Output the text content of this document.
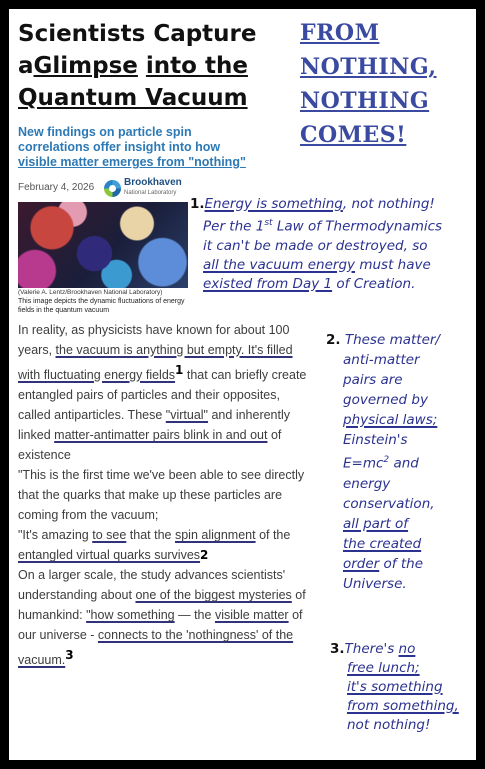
Scientists Capture
aGlimpse into the
Quantum Vacuum
New findings on particle spin
correlations offer insight into how
visible matter emerges from "nothing"
February 4, 2026	Brookhaven
National Laboratory
(Valerie A. Lentz/Brookhaven National Laboratory)
This image depicts the dynamic fluctuations of energy fields in the quantum vacuum

In reality, as physicists have known for about 100 years, the vacuum is anything but empty. It's filled with fluctuating energy fields$^1$ that can briefly create entangled pairs of particles and their opposites, called antiparticles. These "virtual" and inherently linked matter-antimatter pairs blink in and out of existence

"This is the first time we've been able to see directly that the quarks that make up these particles are coming from the vacuum;

"It's amazing to see that the spin alignment of the entangled virtual quarks survives2

On a larger scale, the study advances scientists' understanding about one of the biggest mysteries of humankind: "how something — the visible matter of our universe - connects to the 'nothingness' of the vacuum.$^3$

FROM
NOTHING,
NOTHING
COMES!
1.Energy is something, not nothing!
Per the 1st Law of Thermodynamics
it can't be made or destroyed, so
all the vacuum energy must have
existed from Day 1 of Creation.
2. These matter/
anti-matter
pairs are
governed by
physical laws;
Einstein's
$E=mc^2$ and
energy
conservation,
all part of
the created
order of the
Universe.
3.There's no
free lunch;
it's something
from something,
not nothing!
